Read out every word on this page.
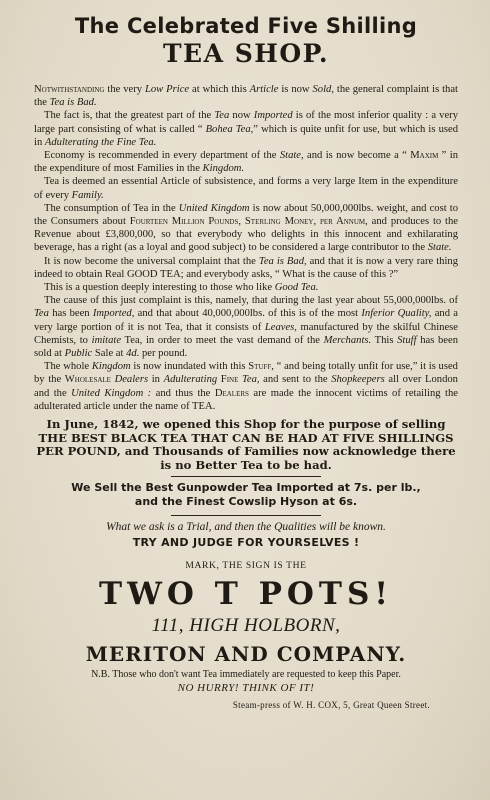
The Celebrated Five Shilling
TEA SHOP.

Notwithstanding the very Low Price at which this Article is now Sold, the general complaint is that the Tea is Bad.

The fact is, that the greatest part of the Tea now Imported is of the most inferior quality : a very large part consisting of what is called “ Bohea Tea,” which is quite unfit for use, but which is used in Adulterating the Fine Tea.

Economy is recommended in every department of the State, and is now become a “ Maxim ” in the expenditure of most Families in the Kingdom.

Tea is deemed an essential Article of subsistence, and forms a very large Item in the expenditure of every Family.

The consumption of Tea in the United Kingdom is now about 50,000,000lbs. weight, and cost to the Consumers about Fourteen Million Pounds, Sterling Money, per Annum, and produces to the Revenue about £3,800,000, so that everybody who delights in this innocent and exhilarating beverage, has a right (as a loyal and good subject) to be considered a large contributor to the State.

It is now become the universal complaint that the Tea is Bad, and that it is now a very rare thing indeed to obtain Real GOOD TEA; and everybody asks, “ What is the cause of this ?”

This is a question deeply interesting to those who like Good Tea.

The cause of this just complaint is this, namely, that during the last year about 55,000,000lbs. of Tea has been Imported, and that about 40,000,000lbs. of this is of the most Inferior Quality, and a very large portion of it is not Tea, that it consists of Leaves, manufactured by the skilful Chinese Chemists, to imitate Tea, in order to meet the vast demand of the Merchants. This Stuff has been sold at Public Sale at 4d. per pound.

The whole Kingdom is now inundated with this Stuff, “ and being totally unfit for use,” it is used by the Wholesale Dealers in Adulterating Fine Tea, and sent to the Shopkeepers all over London and the United Kingdom : and thus the Dealers are made the innocent victims of retailing the adulterated article under the name of TEA.

In June, 1842, we opened this Shop for the purpose of selling THE BEST BLACK TEA THAT CAN BE HAD AT FIVE SHILLINGS PER POUND, and Thousands of Families now acknowledge there is no Better Tea to be had.

We Sell the Best Gunpowder Tea Imported at 7s. per lb.,
and the Finest Cowslip Hyson at 6s.

What we ask is a Trial, and then the Qualities will be known.

TRY AND JUDGE FOR YOURSELVES !

MARK, THE SIGN IS THE

TWO T POTS!

111, HIGH HOLBORN,

MERITON AND COMPANY.

N.B. Those who don't want Tea immediately are requested to keep this Paper.

NO HURRY! THINK OF IT!

Steam-press of W. H. COX, 5, Great Queen Street.
